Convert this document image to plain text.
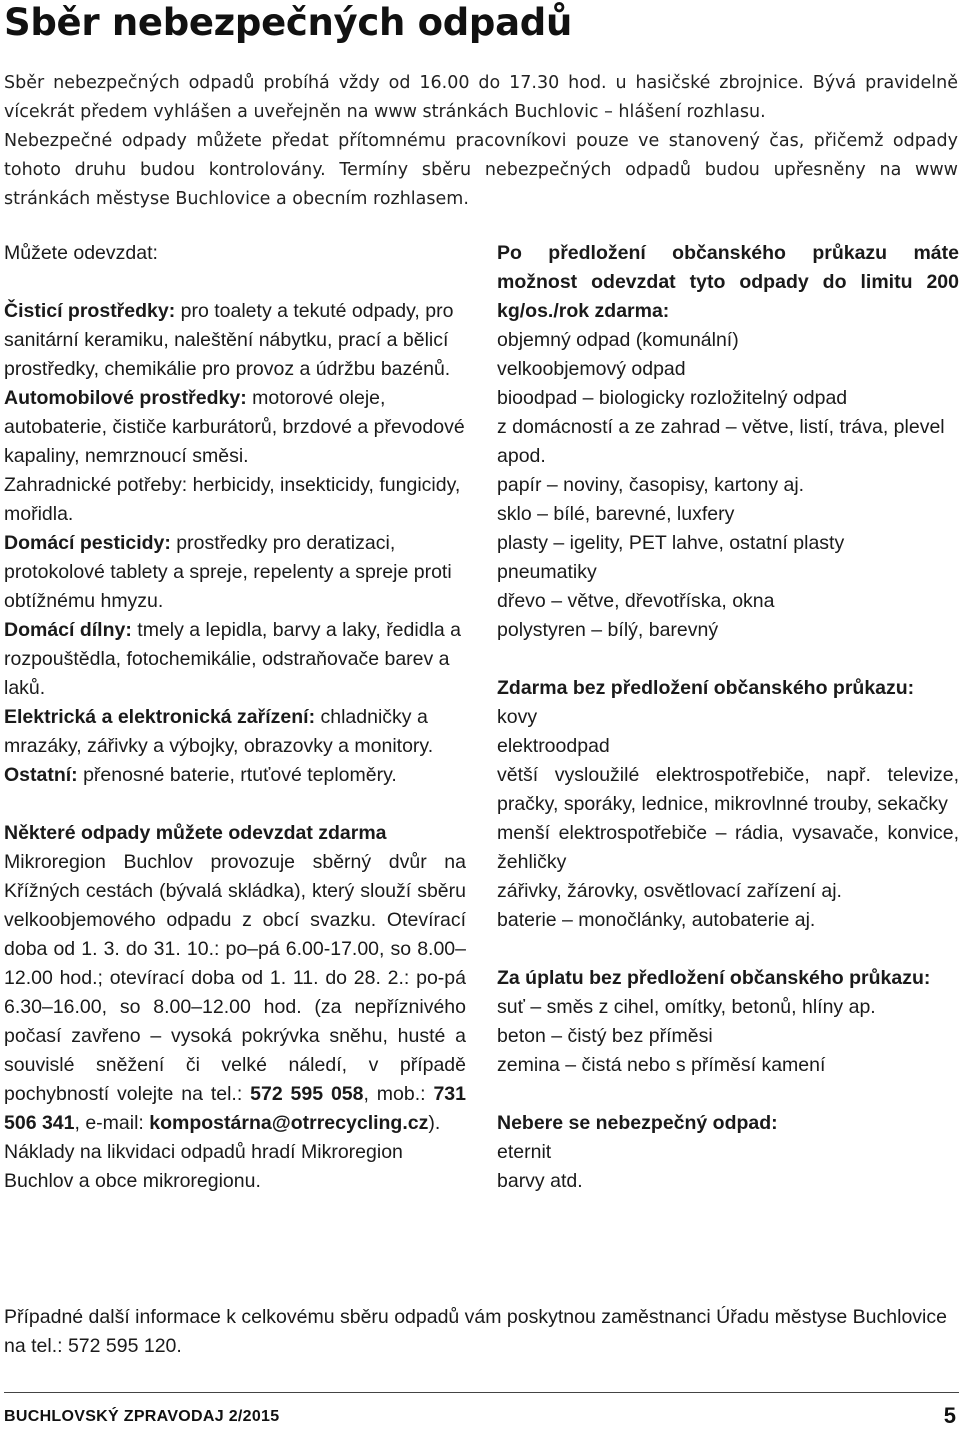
Sběr nebezpečných odpadů

Sběr nebezpečných odpadů probíhá vždy od 16.00 do 17.30 hod. u hasičské zbrojnice. Bývá pravidelně vícekrát předem vyhlášen a uveřejněn na www stránkách Buchlovic – hlášení rozhlasu.

Nebezpečné odpady můžete předat přítomnému pracovníkovi pouze ve stanovený čas, přičemž odpady tohoto druhu budou kontrolovány. Termíny sběru nebezpečných odpadů budou upřesněny na www stránkách městyse Buchlovice a obecním rozhlasem.

Můžete odevzdat:

Čisticí prostředky: pro toalety a tekuté odpady, pro sanitární keramiku, naleštění nábytku, prací a bělicí prostředky, chemikálie pro provoz a údržbu bazénů.

Automobilové prostředky: motorové oleje, autobaterie, čističe karburátorů, brzdové a převodové kapaliny, nemrznoucí směsi.

Zahradnické potřeby: herbicidy, insekticidy, fungicidy, mořidla.

Domácí pesticidy: prostředky pro deratizaci, protokolové tablety a spreje, repelenty a spreje proti obtížnému hmyzu.

Domácí dílny: tmely a lepidla, barvy a laky, ředidla a rozpouštědla, fotochemikálie, odstraňovače barev a laků.

Elektrická a elektronická zařízení: chladničky a mrazáky, zářivky a výbojky, obrazovky a monitory.

Ostatní: přenosné baterie, rtuťové teploměry.

Některé odpady můžete odevzdat zdarma

Mikroregion Buchlov provozuje sběrný dvůr na Křížných cestách (bývalá skládka), který slouží sběru velkoobjemového odpadu z obcí svazku. Otevírací doba od 1. 3. do 31. 10.: po–pá 6.00-17.00, so 8.00–12.00 hod.; otevírací doba od 1. 11. do 28. 2.: po-pá 6.30–16.00, so 8.00–12.00 hod. (za nepříznivého počasí zavřeno – vysoká pokrývka sněhu, husté a souvislé sněžení či velké náledí, v případě pochybností volejte na tel.: 572 595 058, mob.: 731 506 341, e-mail: kompostárna@otrrecycling.cz).

Náklady na likvidaci odpadů hradí Mikroregion Buchlov a obce mikroregionu.

Po předložení občanského průkazu máte možnost odevzdat tyto odpady do limitu 200 kg/os./rok zdarma:

objemný odpad (komunální)

velkoobjemový odpad

bioodpad – biologicky rozložitelný odpad

z domácností a ze zahrad – větve, listí, tráva, plevel apod.

papír – noviny, časopisy, kartony aj.

sklo – bílé, barevné, luxfery

plasty – igelity, PET lahve, ostatní plasty

pneumatiky

dřevo – větve, dřevotříska, okna

polystyren – bílý, barevný

Zdarma bez předložení občanského průkazu:

kovy

elektroodpad

větší vysloužilé elektrospotřebiče, např. televize, pračky, sporáky, lednice, mikrovlnné trouby, sekačky

menší elektrospotřebiče – rádia, vysavače, konvice, žehličky

zářivky, žárovky, osvětlovací zařízení aj.

baterie – monočlánky, autobaterie aj.

Za úplatu bez předložení občanského průkazu:

suť – směs z cihel, omítky, betonů, hlíny ap.

beton – čistý bez příměsi

zemina – čistá nebo s příměsí kamení

Nebere se nebezpečný odpad:

eternit

barvy atd.

Případné další informace k celkovému sběru odpadů vám poskytnou zaměstnanci Úřadu městyse Buchlovice na tel.: 572 595 120.

BUCHLOVSKÝ ZPRAVODAJ 2/2015	5
